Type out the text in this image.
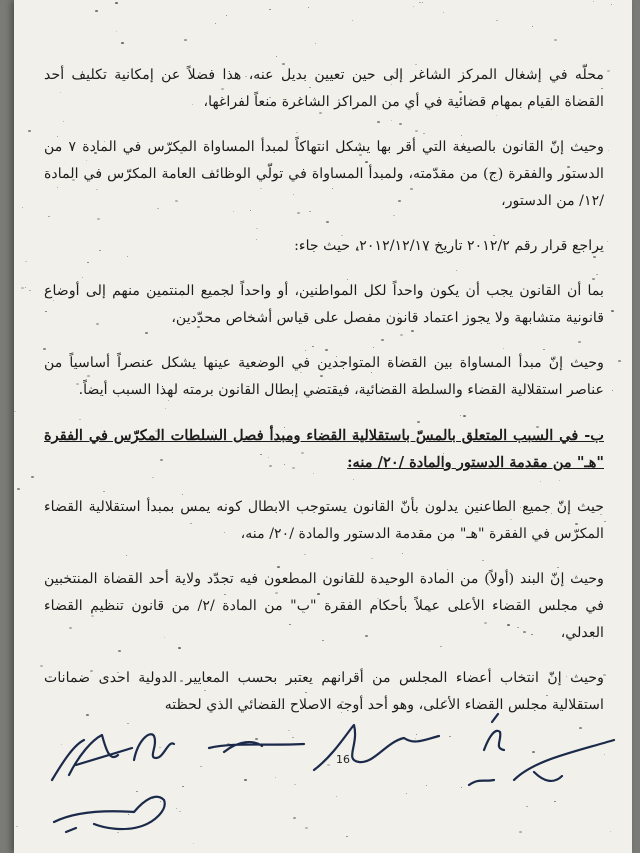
محلّه في إشغال المركز الشاغر إلى حين تعيين بديل عنه، هذا فضلاً عن إمكانية تكليف أحد القضاة القيام بمهام قضائية في أي من المراكز الشاغرة منعاً لفراغها،

وحيث إنّ القانون بالصيغة التي أقر بها يشكل انتهاكاً لمبدأ المساواة المكرّس في المادة ٧ من الدستور والفقرة (ج) من مقدّمته، ولمبدأ المساواة في تولّي الوظائف العامة المكرّس في المادة /١٢/ من الدستور،

يراجع قرار رقم ٢٠١٢/٢ تاريخ ٢٠١٢/١٢/١٧، حيث جاء:

بما أن القانون يجب أن يكون واحداً لكل المواطنين، أو واحداً لجميع المنتمين منهم إلى أوضاع قانونية متشابهة ولا يجوز اعتماد قانون مفصل على قياس أشخاص محدّدين،

وحيث إنّ مبدأ المساواة بين القضاة المتواجدين في الوضعية عينها يشكل عنصراً أساسياً من عناصر استقلالية القضاء والسلطة القضائية، فيقتضي إبطال القانون برمته لهذا السبب أيضاً.

ب- في السبب المتعلق بالمسّ باستقلالية القضاء ومبدأ فصل السلطات المكرّس في الفقرة "هـ" من مقدمة الدستور والمادة /٢٠/ منه:

حيث إنّ جميع الطاعنين يدلون بأنّ القانون يستوجب الابطال كونه يمس بمبدأ استقلالية القضاء المكرّس في الفقرة "هـ" من مقدمة الدستور والمادة /٢٠/ منه،

وحيث إنّ البند (أولاً) من المادة الوحيدة للقانون المطعون فيه تجدّد ولاية أحد القضاة المنتخبين في مجلس القضاء الأعلى عملاً بأحكام الفقرة "ب" من المادة /٢/ من قانون تنظيم القضاء العدلي،

وحيث إنّ انتخاب أعضاء المجلس من أقرانهم يعتبر بحسب المعايير الدولية احدى ضمانات استقلالية مجلس القضاء الأعلى، وهو أحد أوجه الاصلاح القضائي الذي لحظته

16
